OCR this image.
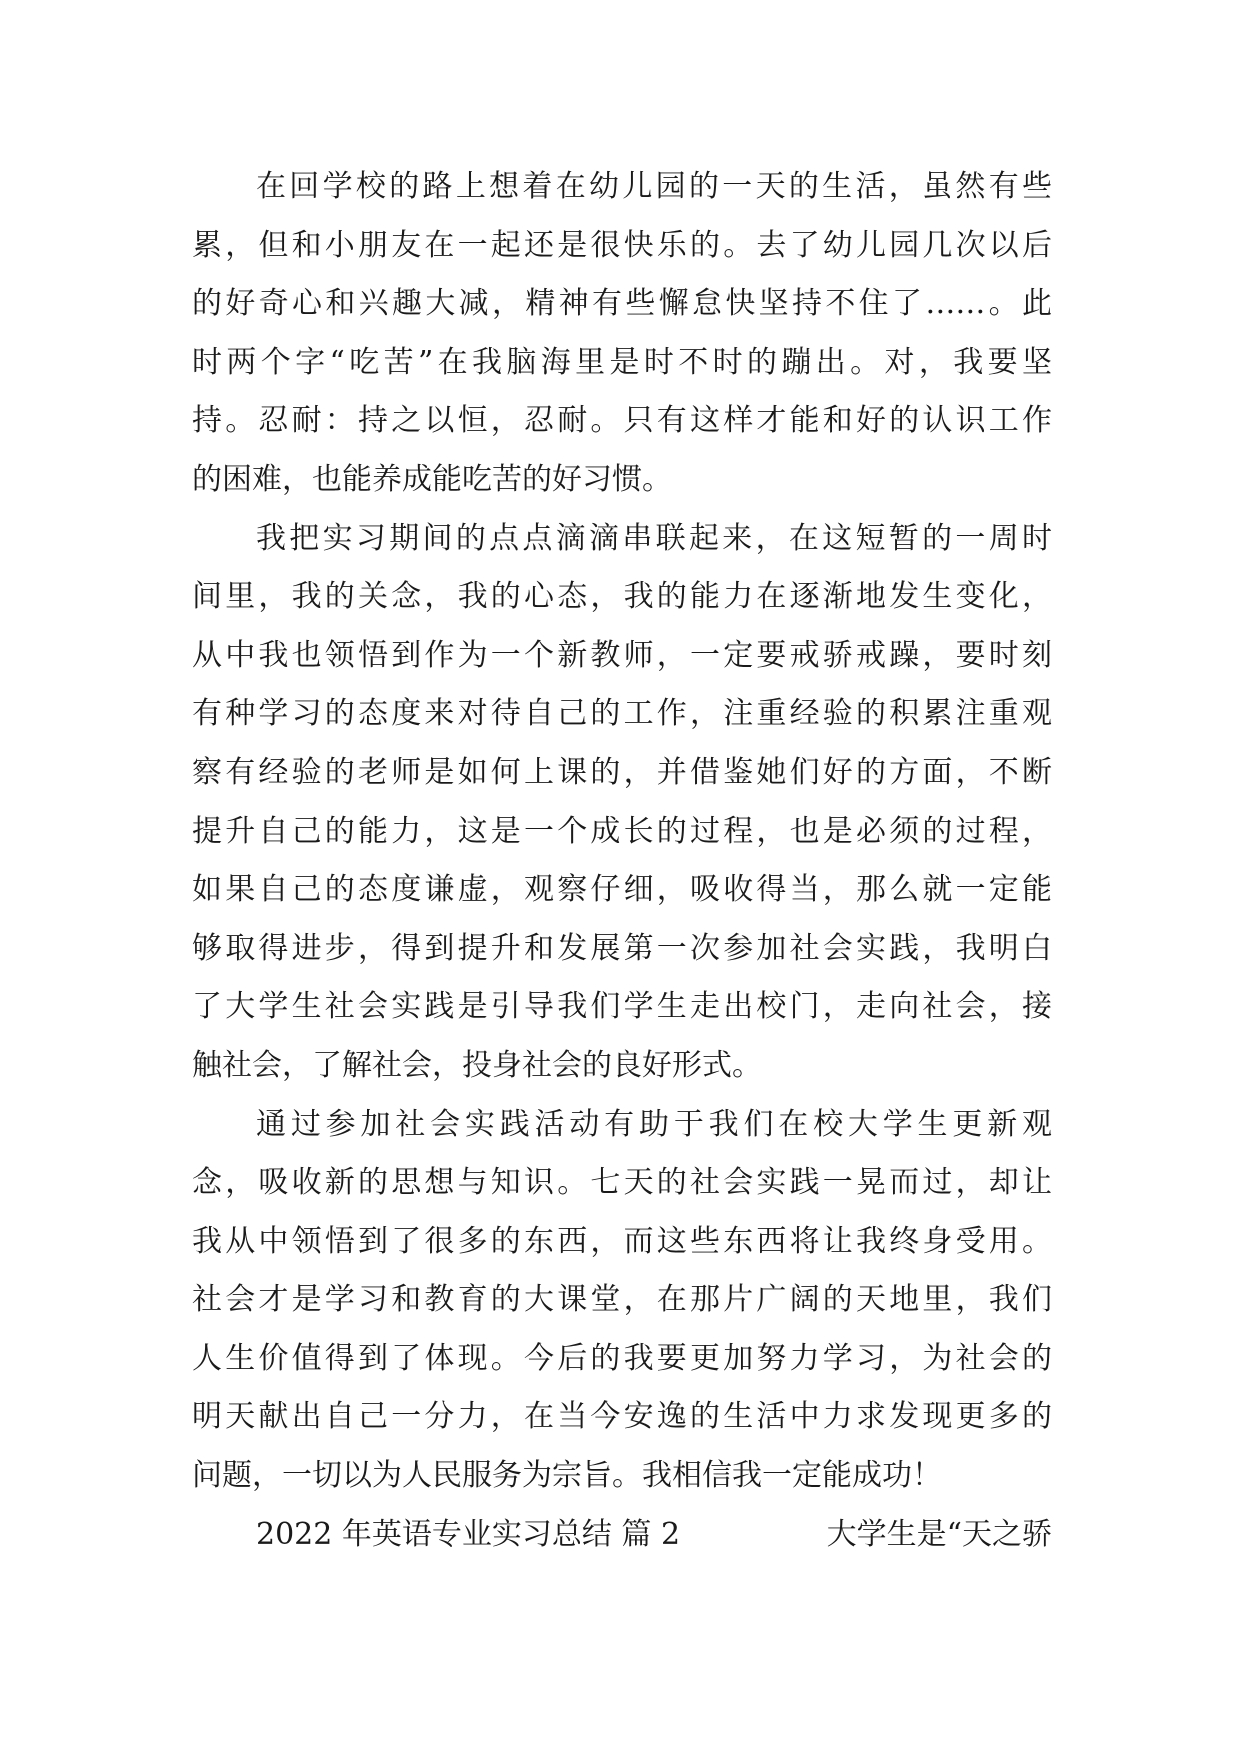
在回学校的路上想着在幼儿园的一天的生活，虽然有些
累，但和小朋友在一起还是很快乐的。去了幼儿园几次以后
的好奇心和兴趣大减，精神有些懈怠快坚持不住了……。此
时两个字“吃苦”在我脑海里是时不时的蹦出。对，我要坚
持。忍耐：持之以恒，忍耐。只有这样才能和好的认识工作
的困难，也能养成能吃苦的好习惯。
我把实习期间的点点滴滴串联起来，在这短暂的一周时
间里，我的关念，我的心态，我的能力在逐渐地发生变化，
从中我也领悟到作为一个新教师，一定要戒骄戒躁，要时刻
有种学习的态度来对待自己的工作，注重经验的积累注重观
察有经验的老师是如何上课的，并借鉴她们好的方面，不断
提升自己的能力，这是一个成长的过程，也是必须的过程，
如果自己的态度谦虚，观察仔细，吸收得当，那么就一定能
够取得进步，得到提升和发展第一次参加社会实践，我明白
了大学生社会实践是引导我们学生走出校门，走向社会，接
触社会，了解社会，投身社会的良好形式。
通过参加社会实践活动有助于我们在校大学生更新观
念，吸收新的思想与知识。七天的社会实践一晃而过，却让
我从中领悟到了很多的东西，而这些东西将让我终身受用。
社会才是学习和教育的大课堂，在那片广阔的天地里，我们
人生价值得到了体现。今后的我要更加努力学习，为社会的
明天献出自己一分力，在当今安逸的生活中力求发现更多的
问题，一切以为人民服务为宗旨。我相信我一定能成功！
2022 年英语专业实习总结 篇 2	大学生是“天之骄
